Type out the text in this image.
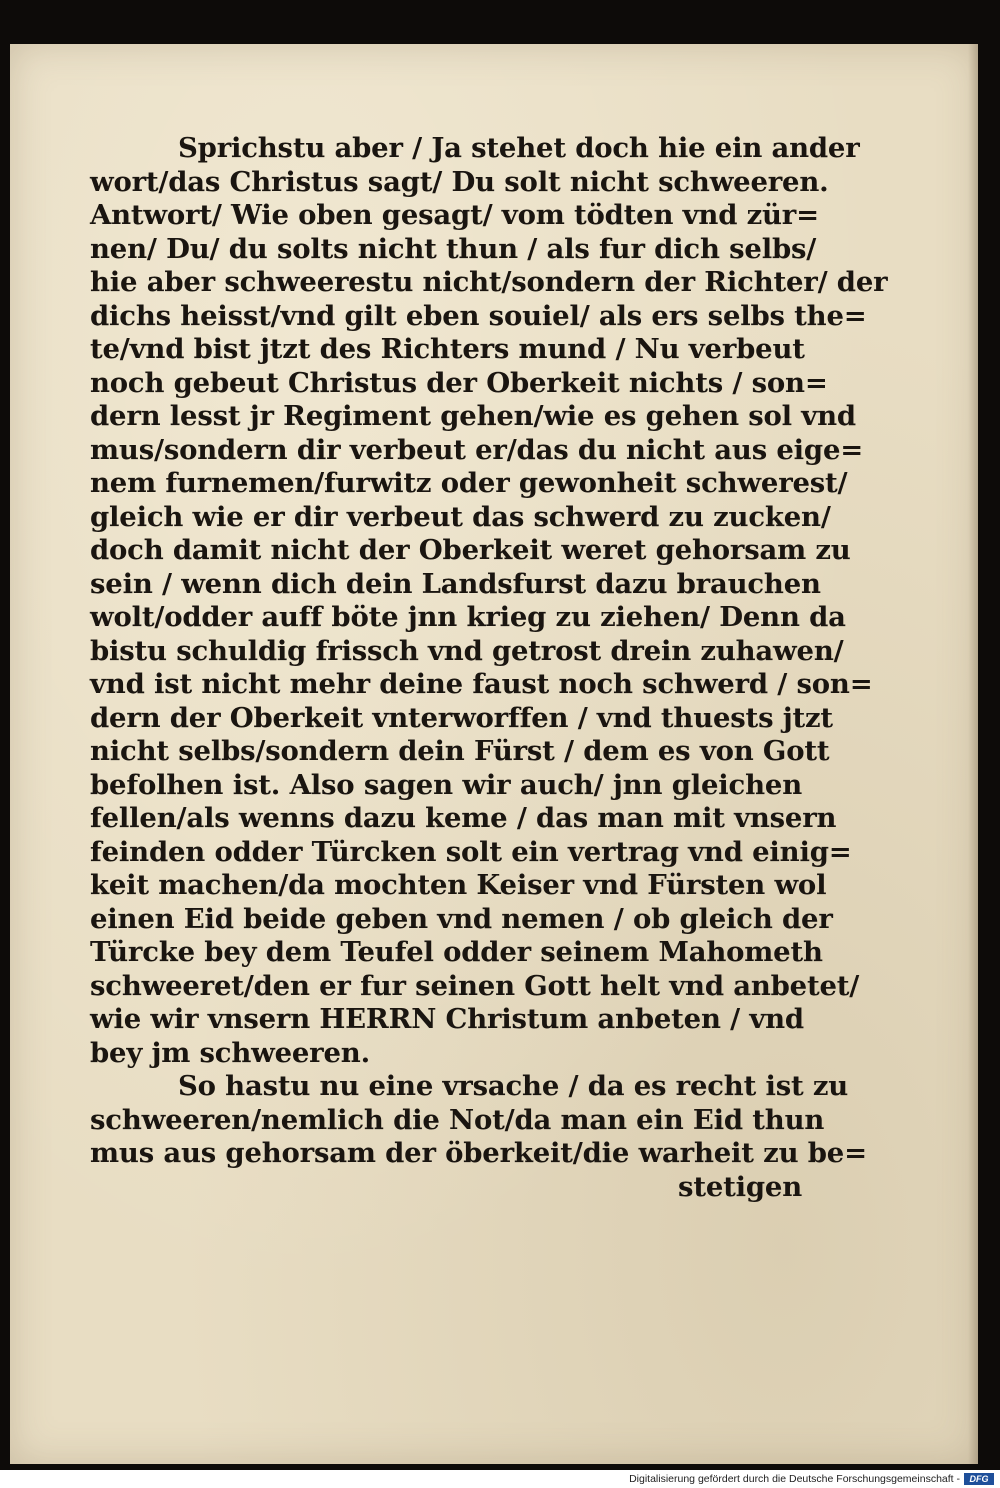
Sprichstu aber / Ja stehet doch hie ein ander
wort/das Christus sagt/ Du solt nicht schweeren.
Antwort/ Wie oben gesagt/ vom tödten vnd zür=
nen/ Du/ du solts nicht thun / als fur dich selbs/
hie aber schweerestu nicht/sondern der Richter/ der
dichs heisst/vnd gilt eben souiel/ als ers selbs the=
te/vnd bist jtzt des Richters mund / Nu verbeut
noch gebeut Christus der Oberkeit nichts / son=
dern lesst jr Regiment gehen/wie es gehen sol vnd
mus/sondern dir verbeut er/das du nicht aus eige=
nem furnemen/furwitz oder gewonheit schwerest/
gleich wie er dir verbeut das schwerd zu zucken/
doch damit nicht der Oberkeit weret gehorsam zu
sein / wenn dich dein Landsfurst dazu brauchen
wolt/odder auff böte jnn krieg zu ziehen/ Denn da
bistu schuldig frissch vnd getrost drein zuhawen/
vnd ist nicht mehr deine faust noch schwerd / son=
dern der Oberkeit vnterworffen / vnd thuests jtzt
nicht selbs/sondern dein Fürst / dem es von Gott
befolhen ist. Also sagen wir auch/ jnn gleichen
fellen/als wenns dazu keme / das man mit vnsern
feinden odder Türcken solt ein vertrag vnd einig=
keit machen/da mochten Keiser vnd Fürsten wol
einen Eid beide geben vnd nemen / ob gleich der
Türcke bey dem Teufel odder seinem Mahometh
schweeret/den er fur seinen Gott helt vnd anbetet/
wie wir vnsern HERRN Christum anbeten / vnd
bey jm schweeren.
So hastu nu eine vrsache / da es recht ist zu
schweeren/nemlich die Not/da man ein Eid thun
mus aus gehorsam der öberkeit/die warheit zu be=
stetigen
Digitalisierung gefördert durch die Deutsche Forschungsgemeinschaft -	DFG
